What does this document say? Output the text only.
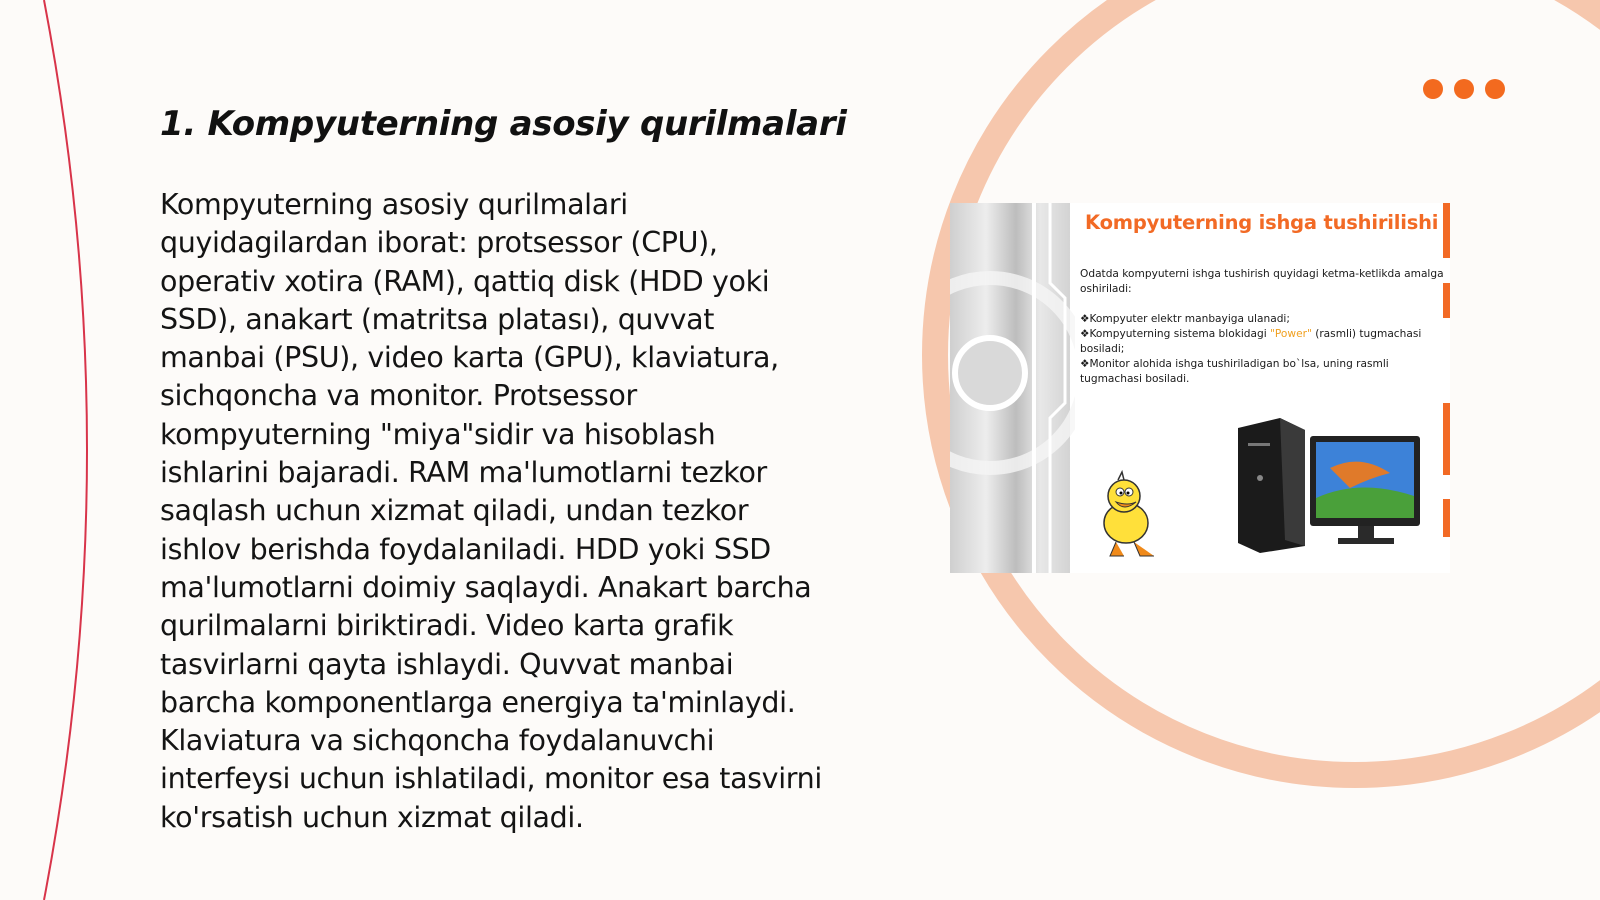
1. Kompyuterning asosiy qurilmalari
Kompyuterning asosiy qurilmalari quyidagilardan iborat: protsessor (CPU), operativ xotira (RAM), qattiq disk (HDD yoki SSD), anakart (matritsa platası), quvvat manbai (PSU), video karta (GPU), klaviatura, sichqoncha va monitor. Protsessor kompyuterning "miya"sidir va hisoblash ishlarini bajaradi. RAM ma'lumotlarni tezkor saqlash uchun xizmat qiladi, undan tezkor ishlov berishda foydalaniladi. HDD yoki SSD ma'lumotlarni doimiy saqlaydi. Anakart barcha qurilmalarni biriktiradi. Video karta grafik tasvirlarni qayta ishlaydi. Quvvat manbai barcha komponentlarga energiya ta'minlaydi. Klaviatura va sichqoncha foydalanuvchi interfeysi uchun ishlatiladi, monitor esa tasvirni ko'rsatish uchun xizmat qiladi.
Kompyuterning ishga tushirilishi

Odatda kompyuterni ishga tushirish quyidagi ketma-ketlikda amalga oshiriladi:

❖Kompyuter elektr manbayiga ulanadi;
❖Kompyuterning sistema blokidagi "Power" (rasmli) tugmachasi bosiladi;
❖Monitor alohida ishga tushiriladigan bo`lsa, uning rasmli tugmachasi bosiladi.
